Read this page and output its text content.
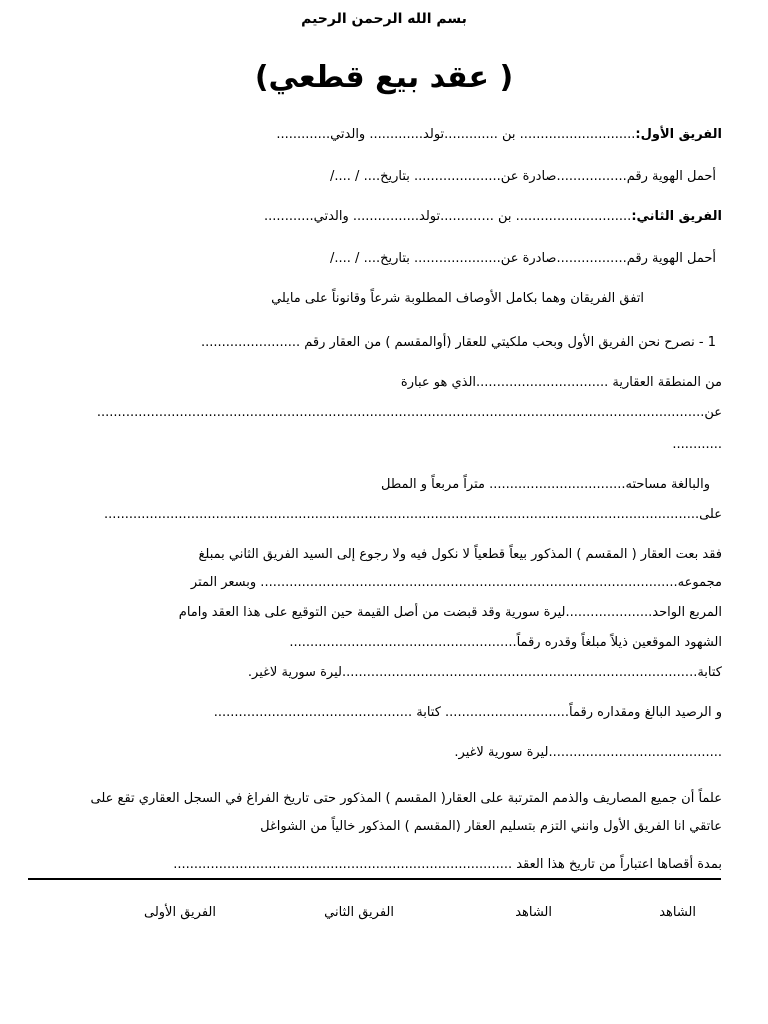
بسم الله الرحمن الرحيم
( عقد بيع قطعي)
الفريق الأول:............................ بن .............تولد............. والدتي.............
أحمل الهوية رقم.................صادرة عن..................... بتاريخ.... / ..../
الفريق الثاني:............................ بن .............تولد................ والدتي............
أحمل الهوية رقم.................صادرة عن..................... بتاريخ.... / ..../
اتفق الفريقان وهما بكامل الأوصاف المطلوبة شرعاً وقانوناً على مايلي
1 - نصرح نحن الفريق الأول وبحب ملكيتي للعقار (أوالمقسم ) من العقار رقم ........................
من المنطقة العقارية ................................الذي هو عبارة
عن...................................................................................................................................................
............
والبالغة مساحته................................. متراً مربعاً و المطل
على................................................................................................................................................
فقد بعت العقار ( المقسم ) المذكور بيعاً قطعياً لا نكول فيه ولا رجوع إلى السيد الفريق الثاني بمبلغ
مجموعه..................................................................................................... وبسعر المتر
المربع الواحد.....................ليرة سورية وقد قبضت من أصل القيمة حين التوقيع على هذا العقد وامام
الشهود الموقعين ذيلاً مبلغاً وقدره رقماً.......................................................
كتابة......................................................................................ليرة سورية لاغير.
و الرصيد البالغ ومقداره رقماً.............................. كتابة ................................................
..........................................ليرة سورية لاغير.
علماً أن جميع المصاريف والذمم المترتبة على العقار( المقسم ) المذكور حتى تاريخ الفراغ في السجل العقاري تقع على
عاتقي انا الفريق الأول وانني التزم بتسليم العقار (المقسم ) المذكور خالياً من الشواغل
بمدة أقصاها اعتباراً من تاريخ هذا العقد ..................................................................................
الشاهد
الشاهد
الفريق الثاني
الفريق الأولى
